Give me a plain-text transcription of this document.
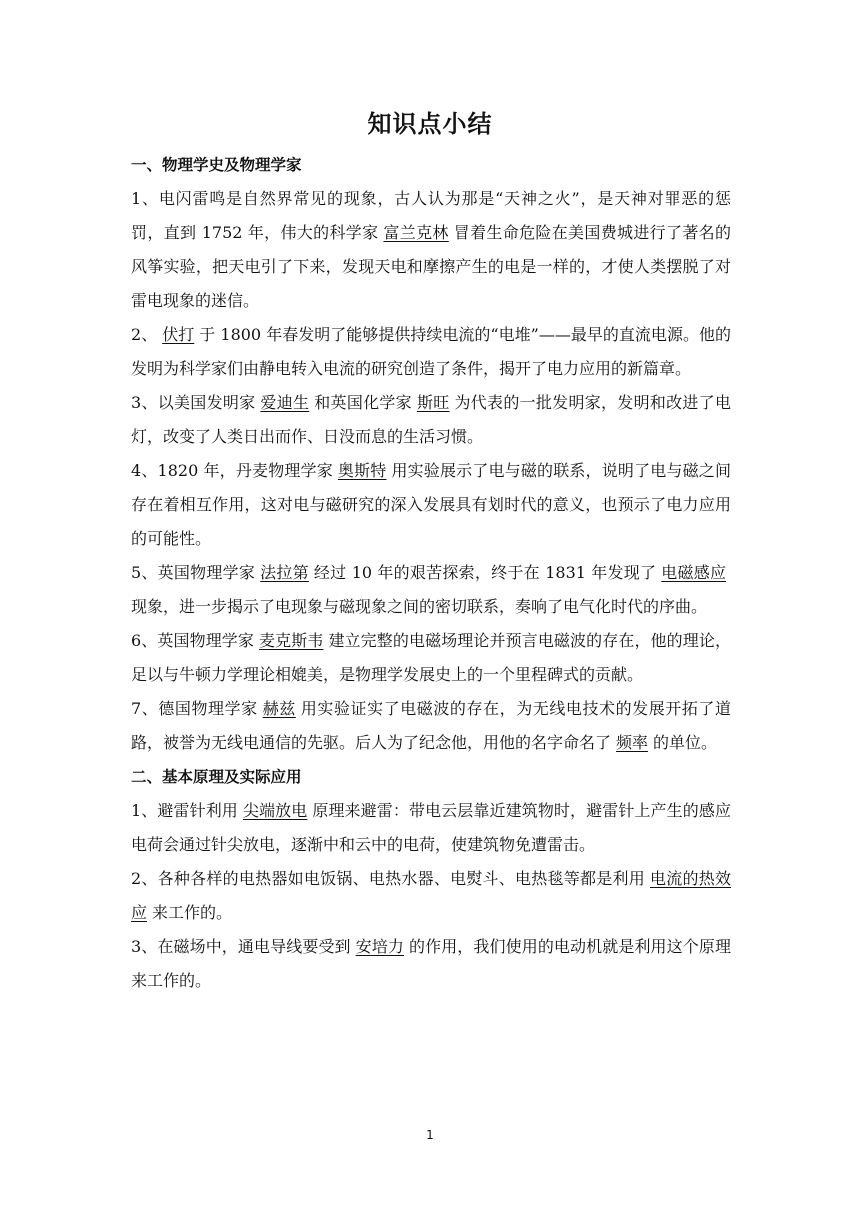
知识点小结

一、物理学史及物理学家

1、电闪雷鸣是自然界常见的现象，古人认为那是“天神之火”，是天神对罪恶的惩罚，直到 1752 年，伟大的科学家 富兰克林 冒着生命危险在美国费城进行了著名的风筝实验，把天电引了下来，发现天电和摩擦产生的电是一样的，才使人类摆脱了对雷电现象的迷信。

2、 伏打 于 1800 年春发明了能够提供持续电流的“电堆”——最早的直流电源。他的发明为科学家们由静电转入电流的研究创造了条件，揭开了电力应用的新篇章。

3、以美国发明家 爱迪生 和英国化学家 斯旺 为代表的一批发明家，发明和改进了电灯，改变了人类日出而作、日没而息的生活习惯。

4、1820 年，丹麦物理学家 奥斯特 用实验展示了电与磁的联系，说明了电与磁之间存在着相互作用，这对电与磁研究的深入发展具有划时代的意义，也预示了电力应用的可能性。

5、英国物理学家 法拉第 经过 10 年的艰苦探索，终于在 1831 年发现了 电磁感应现象，进一步揭示了电现象与磁现象之间的密切联系，奏响了电气化时代的序曲。

6、英国物理学家 麦克斯韦 建立完整的电磁场理论并预言电磁波的存在，他的理论，足以与牛顿力学理论相媲美，是物理学发展史上的一个里程碑式的贡献。

7、德国物理学家 赫兹 用实验证实了电磁波的存在，为无线电技术的发展开拓了道路，被誉为无线电通信的先驱。后人为了纪念他，用他的名字命名了 频率 的单位。

二、基本原理及实际应用

1、避雷针利用 尖端放电 原理来避雷：带电云层靠近建筑物时，避雷针上产生的感应电荷会通过针尖放电，逐渐中和云中的电荷，使建筑物免遭雷击。

2、各种各样的电热器如电饭锅、电热水器、电熨斗、电热毯等都是利用 电流的热效应 来工作的。

3、在磁场中，通电导线要受到 安培力 的作用，我们使用的电动机就是利用这个原理来工作的。

1
